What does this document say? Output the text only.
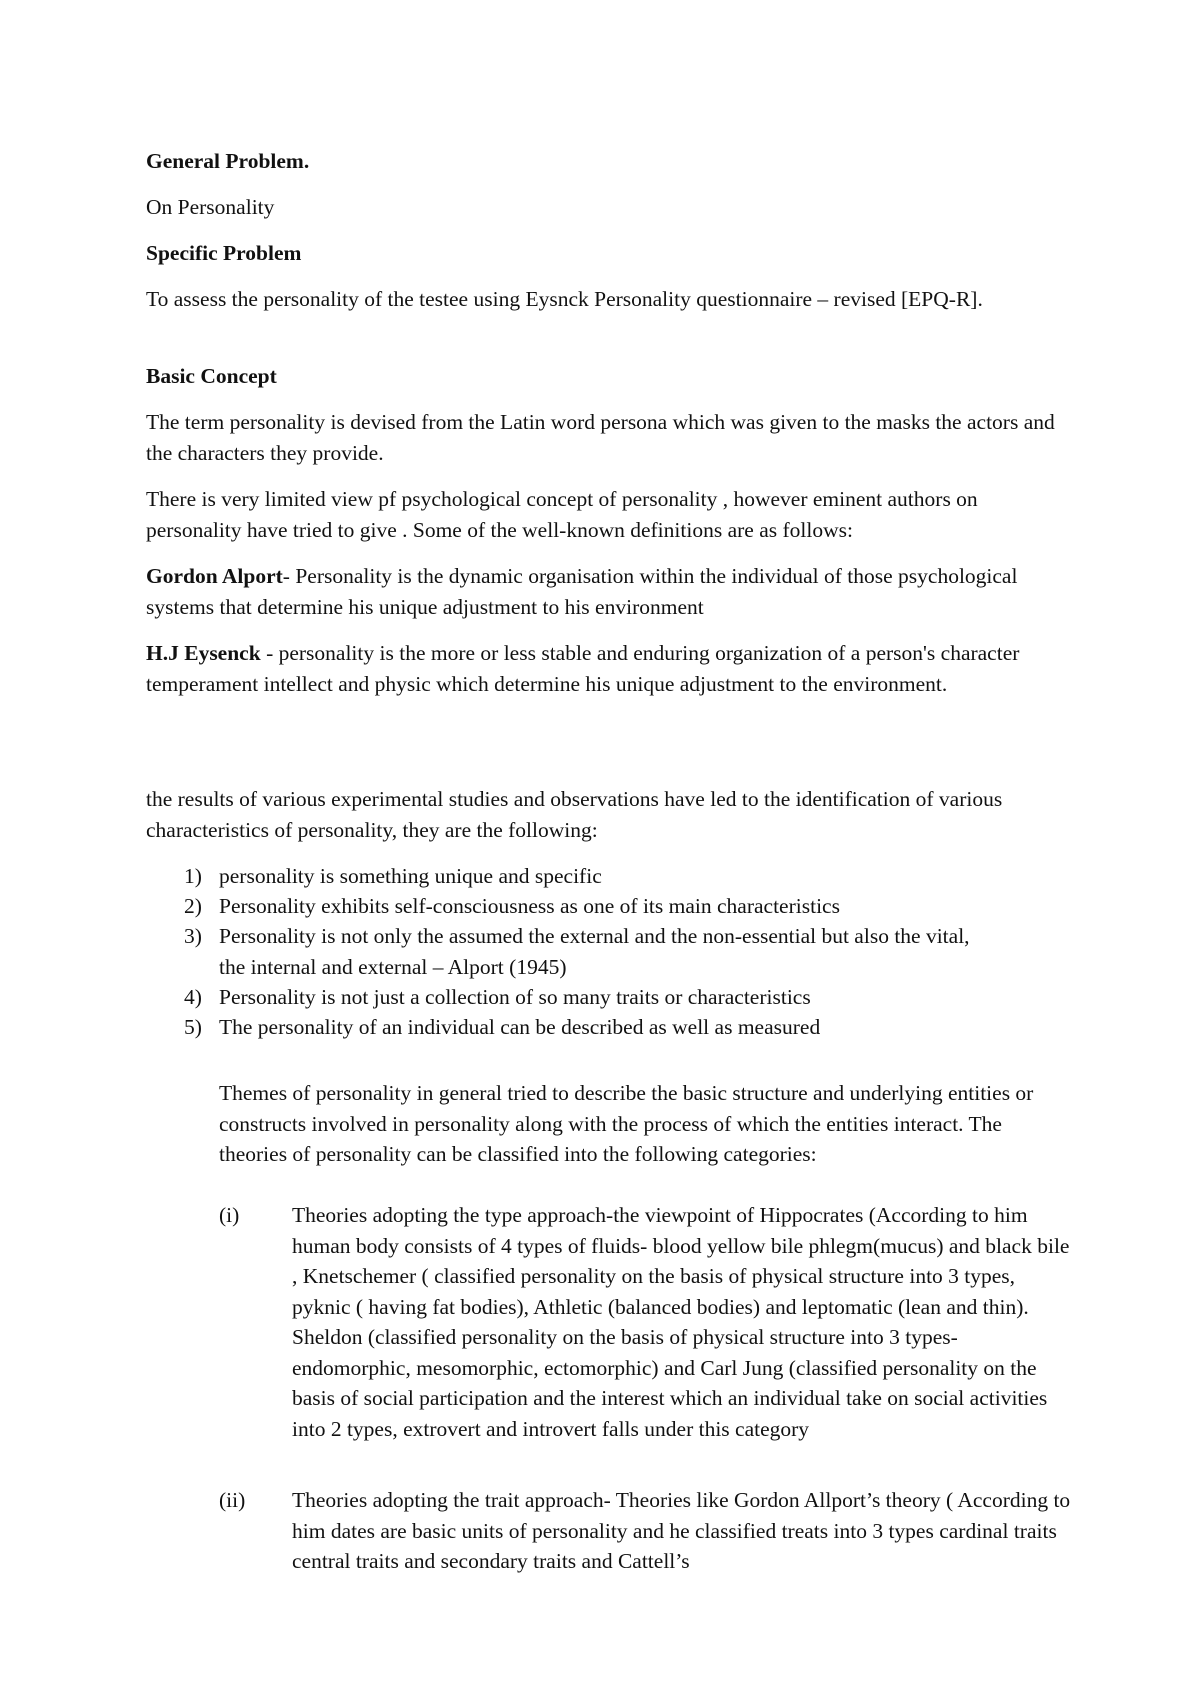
General Problem.

On Personality

Specific Problem

To assess the personality of the testee using Eysnck Personality questionnaire – revised [EPQ-R].

Basic Concept

The term personality is devised from the Latin word persona which was given to the masks the actors and the characters they provide.

There is very limited view pf psychological concept of personality , however eminent authors on personality have tried to give . Some of the well-known definitions are as follows:

Gordon Alport- Personality is the dynamic organisation within the individual of those psychological systems that determine his unique adjustment to his environment

H.J Eysenck - personality is the more or less stable and enduring organization of a person's character temperament intellect and physic which determine his unique adjustment to the environment.

the results of various experimental studies and observations have led to the identification of various characteristics of personality, they are the following:

1) personality is something unique and specific
2) Personality exhibits self-consciousness as one of its main characteristics
3) Personality is not only the assumed the external and the non-essential but also the vital, the internal and external – Alport (1945)
4) Personality is not just a collection of so many traits or characteristics
5) The personality of an individual can be described as well as measured

Themes of personality in general tried to describe the basic structure and underlying entities or constructs involved in personality along with the process of which the entities interact. The theories of personality can be classified into the following categories:

(i)	Theories adopting the type approach-the viewpoint of Hippocrates (According to him human body consists of 4 types of fluids- blood yellow bile phlegm(mucus) and black bile , Knetschemer ( classified personality on the basis of physical structure into 3 types, pyknic ( having fat bodies), Athletic (balanced bodies) and leptomatic (lean and thin). Sheldon (classified personality on the basis of physical structure into 3 types- endomorphic, mesomorphic, ectomorphic) and Carl Jung (classified personality on the basis of social participation and the interest which an individual take on social activities into 2 types, extrovert and introvert falls under this category
(ii)	Theories adopting the trait approach- Theories like Gordon Allport’s theory ( According to him dates are basic units of personality and he classified treats into 3 types cardinal traits central traits and secondary traits and Cattell’s
